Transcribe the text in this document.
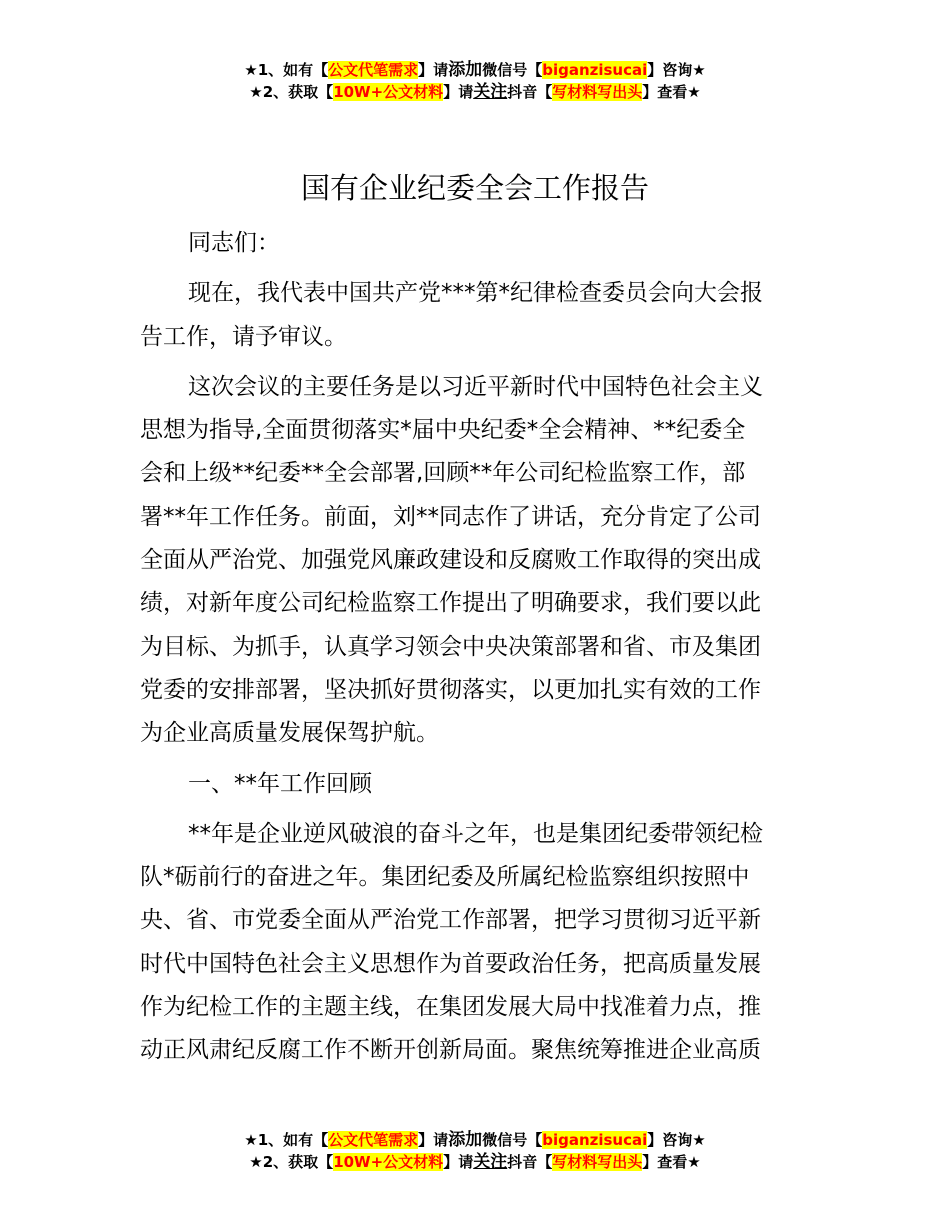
★1、如有【公文代笔需求】请添加微信号【biganzisucai】咨询★
★2、获取【10W+公文材料】请关注抖音【写材料写出头】查看★
国有企业纪委全会工作报告
同志们：
现在，我代表中国共产党***第*纪律检查委员会向大会报
告工作，请予审议。
这次会议的主要任务是以习近平新时代中国特色社会主义
思想为指导,全面贯彻落实*届中央纪委*全会精神、**纪委全
会和上级**纪委**全会部署,回顾**年公司纪检监察工作，部
署**年工作任务。前面，刘**同志作了讲话，充分肯定了公司
全面从严治党、加强党风廉政建设和反腐败工作取得的突出成
绩，对新年度公司纪检监察工作提出了明确要求，我们要以此
为目标、为抓手，认真学习领会中央决策部署和省、市及集团
党委的安排部署，坚决抓好贯彻落实，以更加扎实有效的工作
为企业高质量发展保驾护航。
一、**年工作回顾
**年是企业逆风破浪的奋斗之年，也是集团纪委带领纪检
队*砺前行的奋进之年。集团纪委及所属纪检监察组织按照中
央、省、市党委全面从严治党工作部署，把学习贯彻习近平新
时代中国特色社会主义思想作为首要政治任务，把高质量发展
作为纪检工作的主题主线，在集团发展大局中找准着力点，推
动正风肃纪反腐工作不断开创新局面。聚焦统筹推进企业高质
★1、如有【公文代笔需求】请添加微信号【biganzisucai】咨询★
★2、获取【10W+公文材料】请关注抖音【写材料写出头】查看★
